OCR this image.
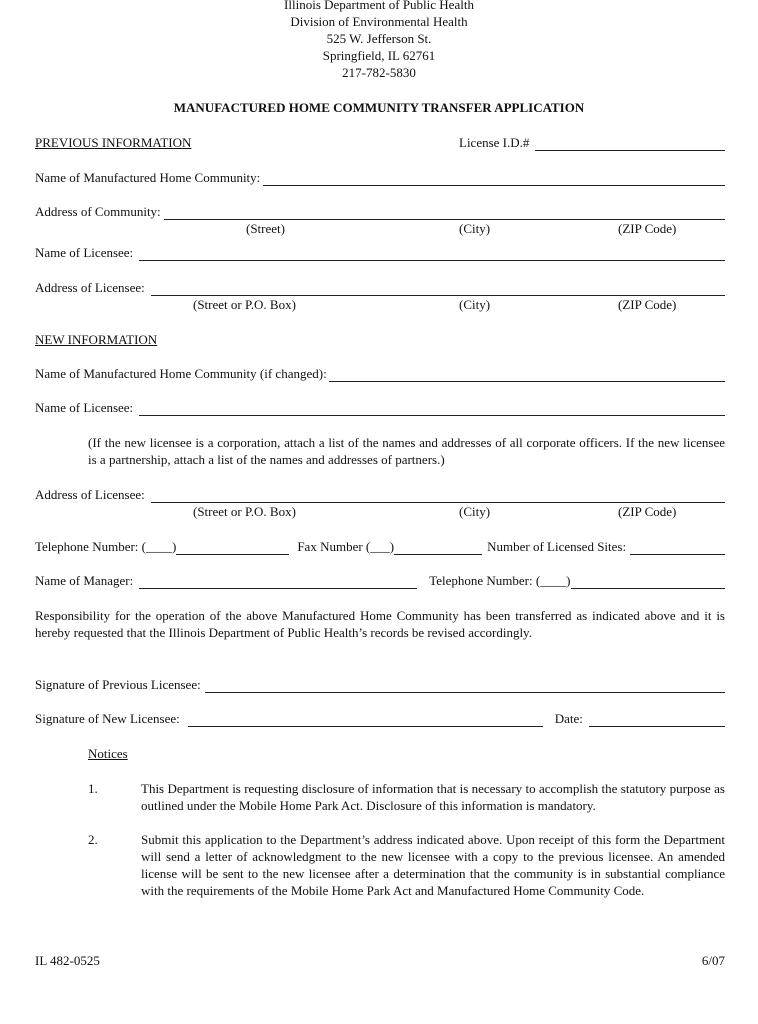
Illinois Department of Public Health
Division of Environmental Health
525 W. Jefferson St.
Springfield, IL 62761
217-782-5830
MANUFACTURED HOME COMMUNITY TRANSFER APPLICATION
PREVIOUS INFORMATION	License I.D.#
Name of Manufactured Home Community:
Address of Community:
(Street)	(City)	(ZIP Code)
Name of Licensee:
Address of Licensee:
(Street or P.O. Box)	(City)	(ZIP Code)
NEW INFORMATION
Name of Manufactured Home Community (if changed):
Name of Licensee:
(If the new licensee is a corporation, attach a list of the names and addresses of all corporate officers. If the new licensee is a partnership, attach a list of the names and addresses of partners.)
Address of Licensee:
(Street or P.O. Box)	(City)	(ZIP Code)
Telephone Number: (____)	Fax Number (___)	Number of Licensed Sites:
Name of Manager:	Telephone Number: (____)
Responsibility for the operation of the above Manufactured Home Community has been transferred as indicated above and it is hereby requested that the Illinois Department of Public Health’s records be revised accordingly.
Signature of Previous Licensee:
Signature of New Licensee:	Date:
Notices
1.	This Department is requesting disclosure of information that is necessary to accomplish the statutory purpose as outlined under the Mobile Home Park Act. Disclosure of this information is mandatory.
2.	Submit this application to the Department’s address indicated above. Upon receipt of this form the Department will send a letter of acknowledgment to the new licensee with a copy to the previous licensee. An amended license will be sent to the new licensee after a determination that the community is in substantial compliance with the requirements of the Mobile Home Park Act and Manufactured Home Community Code.
IL 482-0525	6/07
